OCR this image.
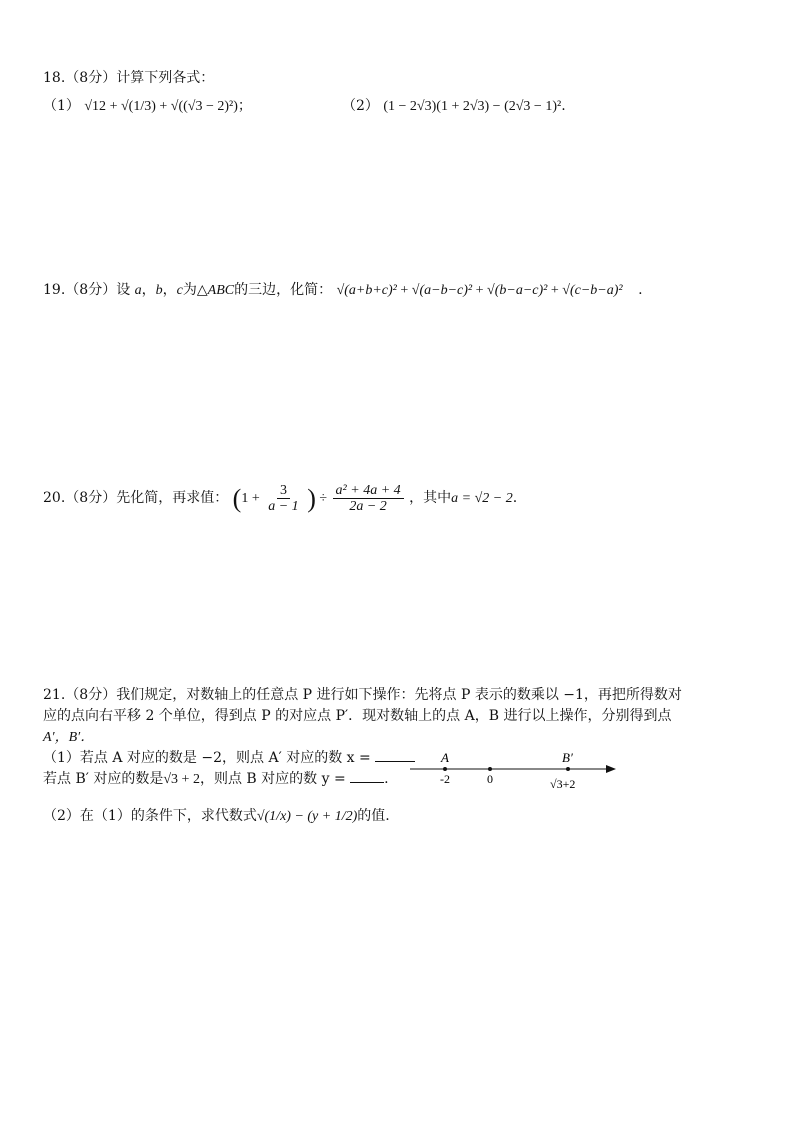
18.（8分）计算下列各式：
（1） √12 + √(1/3) + √((√3 − 2)²)；	（2） (1 − 2√3)(1 + 2√3) − (2√3 − 1)².
19.（8分）设 a，b，c为△ABC的三边，化简： √(a+b+c)² + √(a−b−c)² + √(b−a−c)² + √(c−b−a)² .
20.（8分）先化简，再求值： ($1 + \frac{3}{a - 1}$ ) ÷ $\frac{\text{a² + 4a + 4}}{2a - 2}$ ，其中a = √2 − 2.
21.（8分）我们规定，对数轴上的任意点 P 进行如下操作：先将点 P 表示的数乘以 −1，再把所得数对
应的点向右平移 2 个单位，得到点 P 的对应点 P′．现对数轴上的点 A，B 进行以上操作，分别得到点
A′，B′．
（1）若点 A 对应的数是 −2，则点 A′ 对应的数 x =
若点 B′ 对应的数是√3 + 2，则点 B 对应的数 y =	.
（2）在（1）的条件下，求代数式√(1/x) − (y + 1/2)的值.
A	B′
-2	0	√3+2
